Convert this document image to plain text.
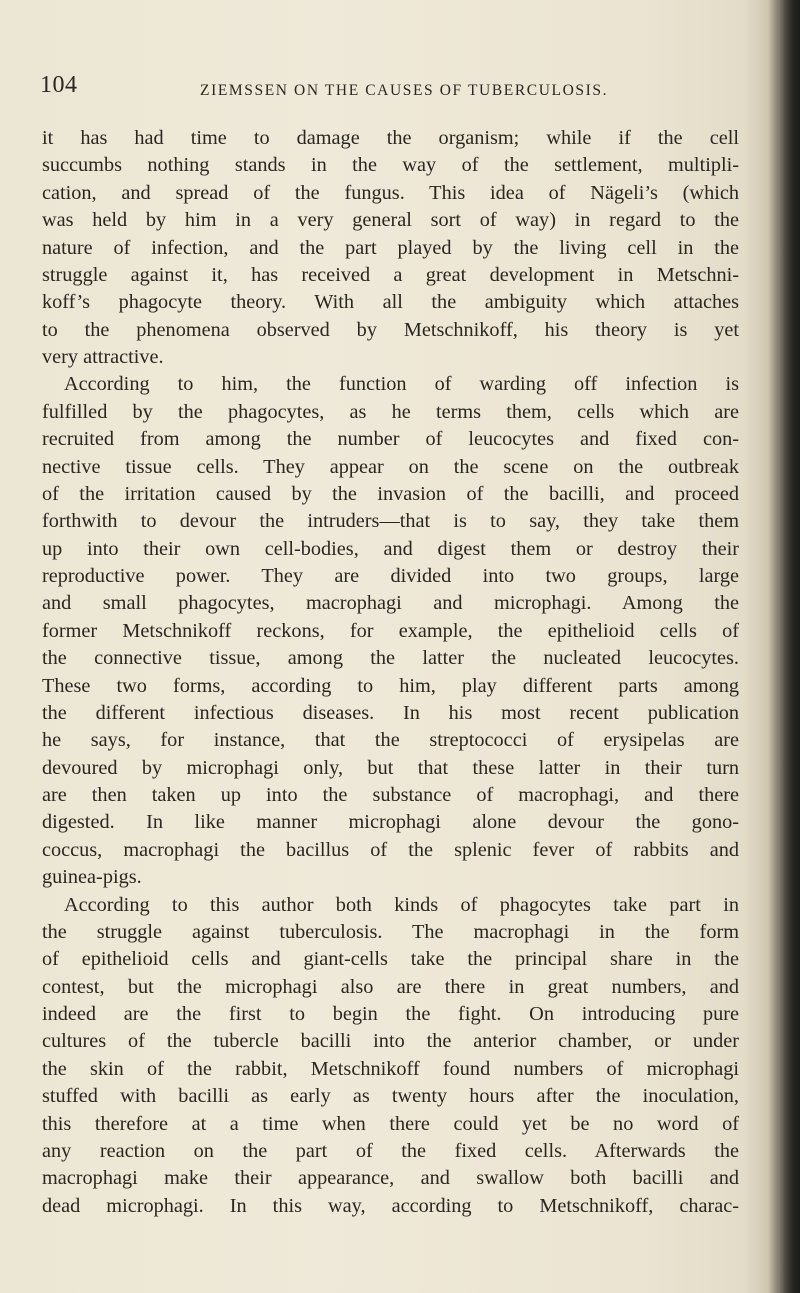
104	ZIEMSSEN ON THE CAUSES OF TUBERCULOSIS.
it has had time to damage the organism; while if the cell
succumbs nothing stands in the way of the settlement, multipli-
cation, and spread of the fungus. This idea of Nägeli’s (which
was held by him in a very general sort of way) in regard to the
nature of infection, and the part played by the living cell in the
struggle against it, has received a great development in Metschni-
koff’s phagocyte theory. With all the ambiguity which attaches
to the phenomena observed by Metschnikoff, his theory is yet
very attractive.
According to him, the function of warding off infection is
fulfilled by the phagocytes, as he terms them, cells which are
recruited from among the number of leucocytes and fixed con-
nective tissue cells. They appear on the scene on the outbreak
of the irritation caused by the invasion of the bacilli, and proceed
forthwith to devour the intruders—that is to say, they take them
up into their own cell-bodies, and digest them or destroy their
reproductive power. They are divided into two groups, large
and small phagocytes, macrophagi and microphagi. Among the
former Metschnikoff reckons, for example, the epithelioid cells of
the connective tissue, among the latter the nucleated leucocytes.
These two forms, according to him, play different parts among
the different infectious diseases. In his most recent publication
he says, for instance, that the streptococci of erysipelas are
devoured by microphagi only, but that these latter in their turn
are then taken up into the substance of macrophagi, and there
digested. In like manner microphagi alone devour the gono-
coccus, macrophagi the bacillus of the splenic fever of rabbits and
guinea-pigs.
According to this author both kinds of phagocytes take part in
the struggle against tuberculosis. The macrophagi in the form
of epithelioid cells and giant-cells take the principal share in the
contest, but the microphagi also are there in great numbers, and
indeed are the first to begin the fight. On introducing pure
cultures of the tubercle bacilli into the anterior chamber, or under
the skin of the rabbit, Metschnikoff found numbers of microphagi
stuffed with bacilli as early as twenty hours after the inoculation,
this therefore at a time when there could yet be no word of
any reaction on the part of the fixed cells. Afterwards the
macrophagi make their appearance, and swallow both bacilli and
dead microphagi. In this way, according to Metschnikoff, charac-
